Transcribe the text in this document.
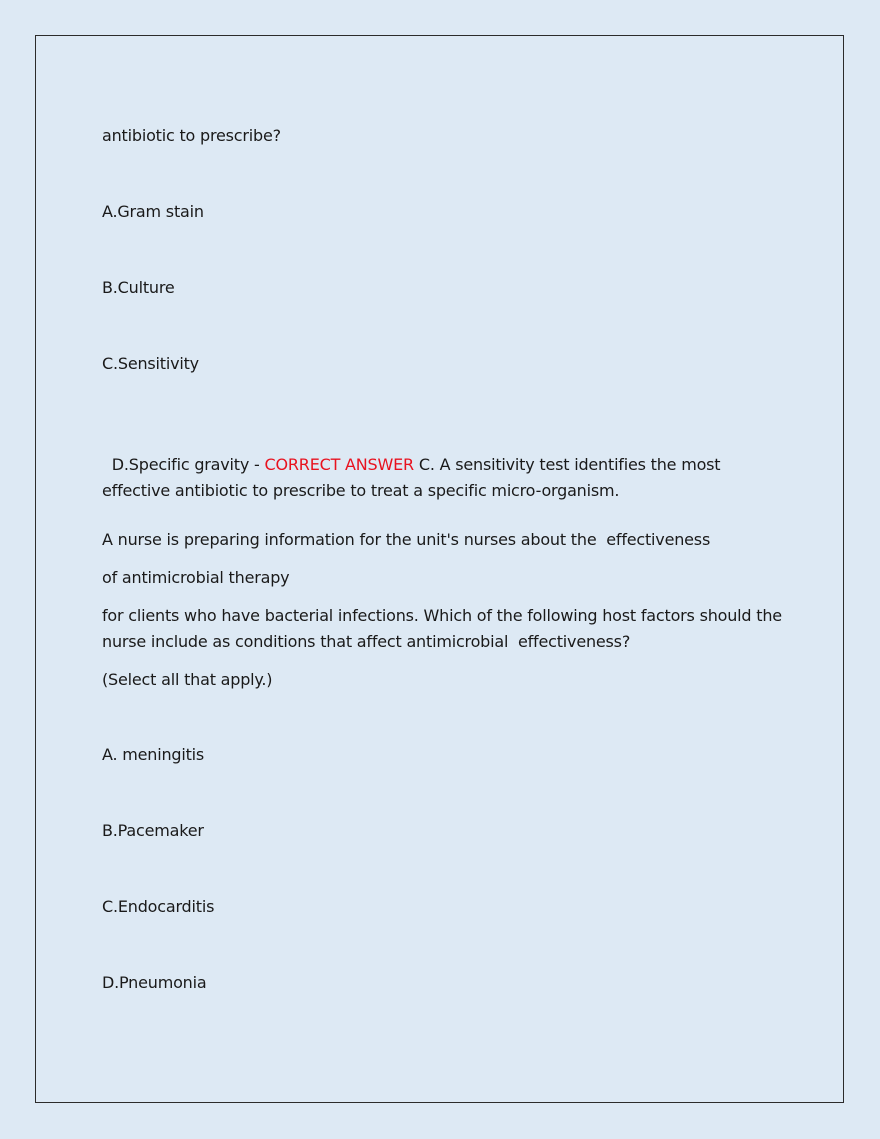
antibiotic to prescribe?
A.Gram stain
B.Culture
C.Sensitivity

D.Specific gravity - CORRECT ANSWER C. A sensitivity test identifies the most effective antibiotic to prescribe to treat a specific micro-organism.

A nurse is preparing information for the unit's nurses about the  effectiveness
of antimicrobial therapy
for clients who have bacterial infections. Which of the following host factors should the nurse include as conditions that affect antimicrobial  effectiveness?
(Select all that apply.)
A. meningitis
B.Pacemaker
C.Endocarditis
D.Pneumonia
